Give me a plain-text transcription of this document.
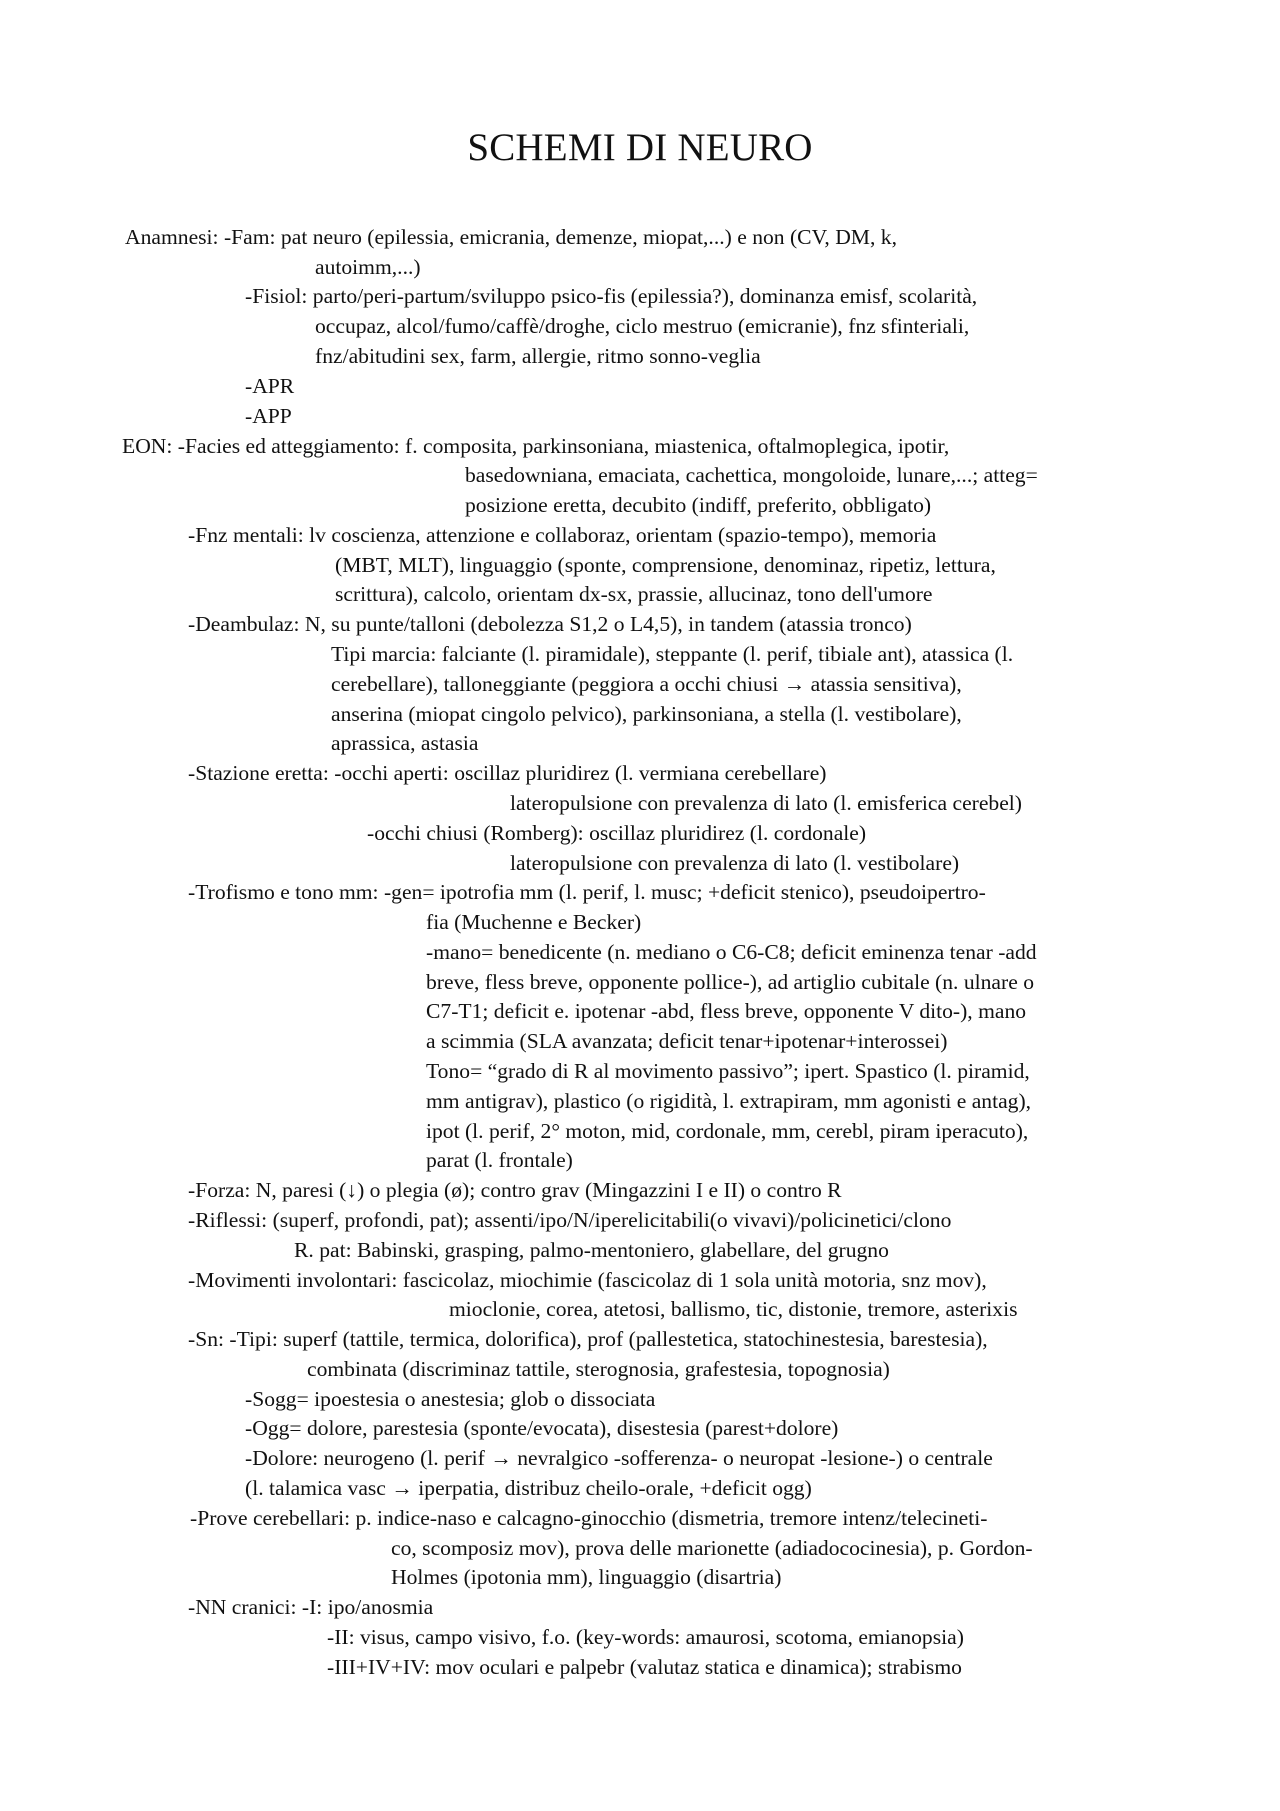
SCHEMI DI NEURO
Anamnesi: -Fam: pat neuro (epilessia, emicrania, demenze, miopat,...) e non (CV, DM, k,
autoimm,...)
-Fisiol: parto/peri-partum/sviluppo psico-fis (epilessia?), dominanza emisf, scolarità,
occupaz, alcol/fumo/caffè/droghe, ciclo mestruo (emicranie), fnz sfinteriali,
fnz/abitudini sex, farm, allergie, ritmo sonno-veglia
-APR
-APP
EON: -Facies ed atteggiamento: f. composita, parkinsoniana, miastenica, oftalmoplegica, ipotir,
basedowniana, emaciata, cachettica, mongoloide, lunare,...; atteg=
posizione eretta, decubito (indiff, preferito, obbligato)
-Fnz mentali: lv coscienza, attenzione e collaboraz, orientam (spazio-tempo), memoria
(MBT, MLT), linguaggio (sponte, comprensione, denominaz, ripetiz, lettura,
scrittura), calcolo, orientam dx-sx, prassie, allucinaz, tono dell'umore
-Deambulaz: N, su punte/talloni (debolezza S1,2 o L4,5), in tandem (atassia tronco)
Tipi marcia: falciante (l. piramidale), steppante (l. perif, tibiale ant), atassica (l.
cerebellare), talloneggiante (peggiora a occhi chiusi → atassia sensitiva),
anserina (miopat cingolo pelvico), parkinsoniana, a stella (l. vestibolare),
aprassica, astasia
-Stazione eretta: -occhi aperti: oscillaz pluridirez (l. vermiana cerebellare)
lateropulsione con prevalenza di lato (l. emisferica cerebel)
-occhi chiusi (Romberg): oscillaz pluridirez (l. cordonale)
lateropulsione con prevalenza di lato (l. vestibolare)
-Trofismo e tono mm: -gen= ipotrofia mm (l. perif, l. musc; +deficit stenico), pseudoipertro-
fia (Muchenne e Becker)
-mano= benedicente (n. mediano o C6-C8; deficit eminenza tenar -add
breve, fless breve, opponente pollice-), ad artiglio cubitale (n. ulnare o
C7-T1; deficit e. ipotenar -abd, fless breve, opponente V dito-), mano
a scimmia (SLA avanzata; deficit tenar+ipotenar+interossei)
Tono= “grado di R al movimento passivo”; ipert. Spastico (l. piramid,
mm antigrav), plastico (o rigidità, l. extrapiram, mm agonisti e antag),
ipot (l. perif, 2° moton, mid, cordonale, mm, cerebl, piram iperacuto),
parat (l. frontale)
-Forza: N, paresi (↓) o plegia (ø); contro grav (Mingazzini I e II) o contro R
-Riflessi: (superf, profondi, pat); assenti/ipo/N/iperelicitabili(o vivavi)/policinetici/clono
R. pat: Babinski, grasping, palmo-mentoniero, glabellare, del grugno
-Movimenti involontari: fascicolaz, miochimie (fascicolaz di 1 sola unità motoria, snz mov),
mioclonie, corea, atetosi, ballismo, tic, distonie, tremore, asterixis
-Sn: -Tipi: superf (tattile, termica, dolorifica), prof (pallestetica, statochinestesia, barestesia),
combinata (discriminaz tattile, sterognosia, grafestesia, topognosia)
-Sogg= ipoestesia o anestesia; glob o dissociata
-Ogg= dolore, parestesia (sponte/evocata), disestesia (parest+dolore)
-Dolore: neurogeno (l. perif → nevralgico -sofferenza- o neuropat -lesione-) o centrale
(l. talamica vasc → iperpatia, distribuz cheilo-orale, +deficit ogg)
-Prove cerebellari: p. indice-naso e calcagno-ginocchio (dismetria, tremore intenz/telecineti-
co, scomposiz mov), prova delle marionette (adiadococinesia), p. Gordon-
Holmes (ipotonia mm), linguaggio (disartria)
-NN cranici: -I: ipo/anosmia
-II: visus, campo visivo, f.o. (key-words: amaurosi, scotoma, emianopsia)
-III+IV+IV: mov oculari e palpebr (valutaz statica e dinamica); strabismo
